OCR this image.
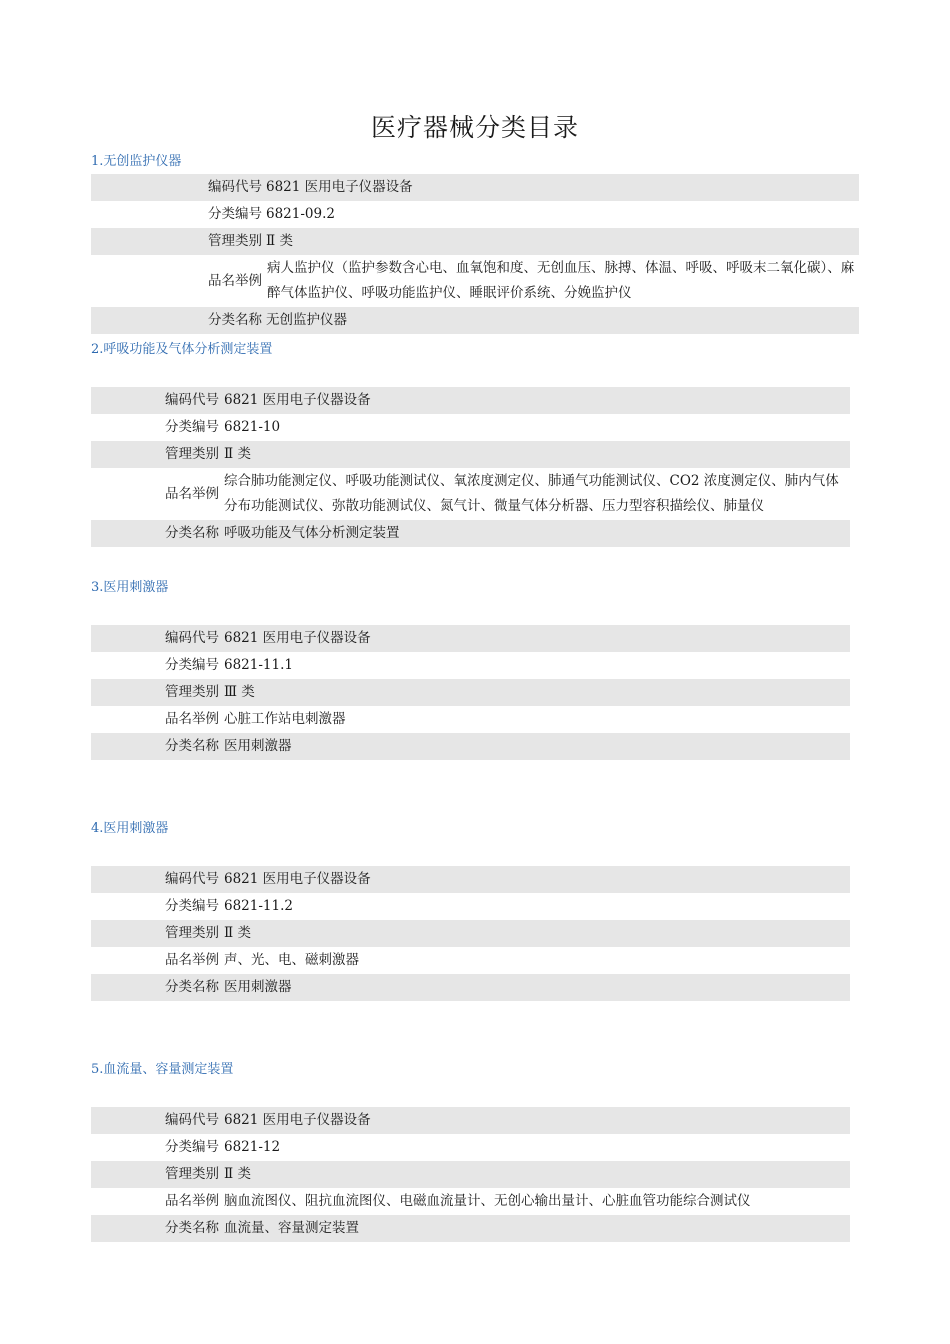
医疗器械分类目录
1.无创监护仪器
编码代号 6821 医用电子仪器设备
分类编号 6821-09.2
管理类别 Ⅱ 类
品名举例
病人监护仪（监护参数含心电、血氧饱和度、无创血压、脉搏、体温、呼吸、呼吸末二氧化碳）、麻醉气体监护仪、呼吸功能监护仪、睡眠评价系统、分娩监护仪
分类名称 无创监护仪器
2.呼吸功能及气体分析测定装置
编码代号 6821 医用电子仪器设备
分类编号 6821-10
管理类别 Ⅱ 类
品名举例
综合肺功能测定仪、呼吸功能测试仪、氧浓度测定仪、肺通气功能测试仪、CO2 浓度测定仪、肺内气体分布功能测试仪、弥散功能测试仪、氮气计、微量气体分析器、压力型容积描绘仪、肺量仪
分类名称 呼吸功能及气体分析测定装置
3.医用刺激器
编码代号 6821 医用电子仪器设备
分类编号 6821-11.1
管理类别 Ⅲ 类
品名举例 心脏工作站电刺激器
分类名称 医用刺激器
4.医用刺激器
编码代号 6821 医用电子仪器设备
分类编号 6821-11.2
管理类别 Ⅱ 类
品名举例 声、光、电、磁刺激器
分类名称 医用刺激器
5.血流量、容量测定装置
编码代号 6821 医用电子仪器设备
分类编号 6821-12
管理类别 Ⅱ 类
品名举例 脑血流图仪、阻抗血流图仪、电磁血流量计、无创心输出量计、心脏血管功能综合测试仪
分类名称 血流量、容量测定装置
